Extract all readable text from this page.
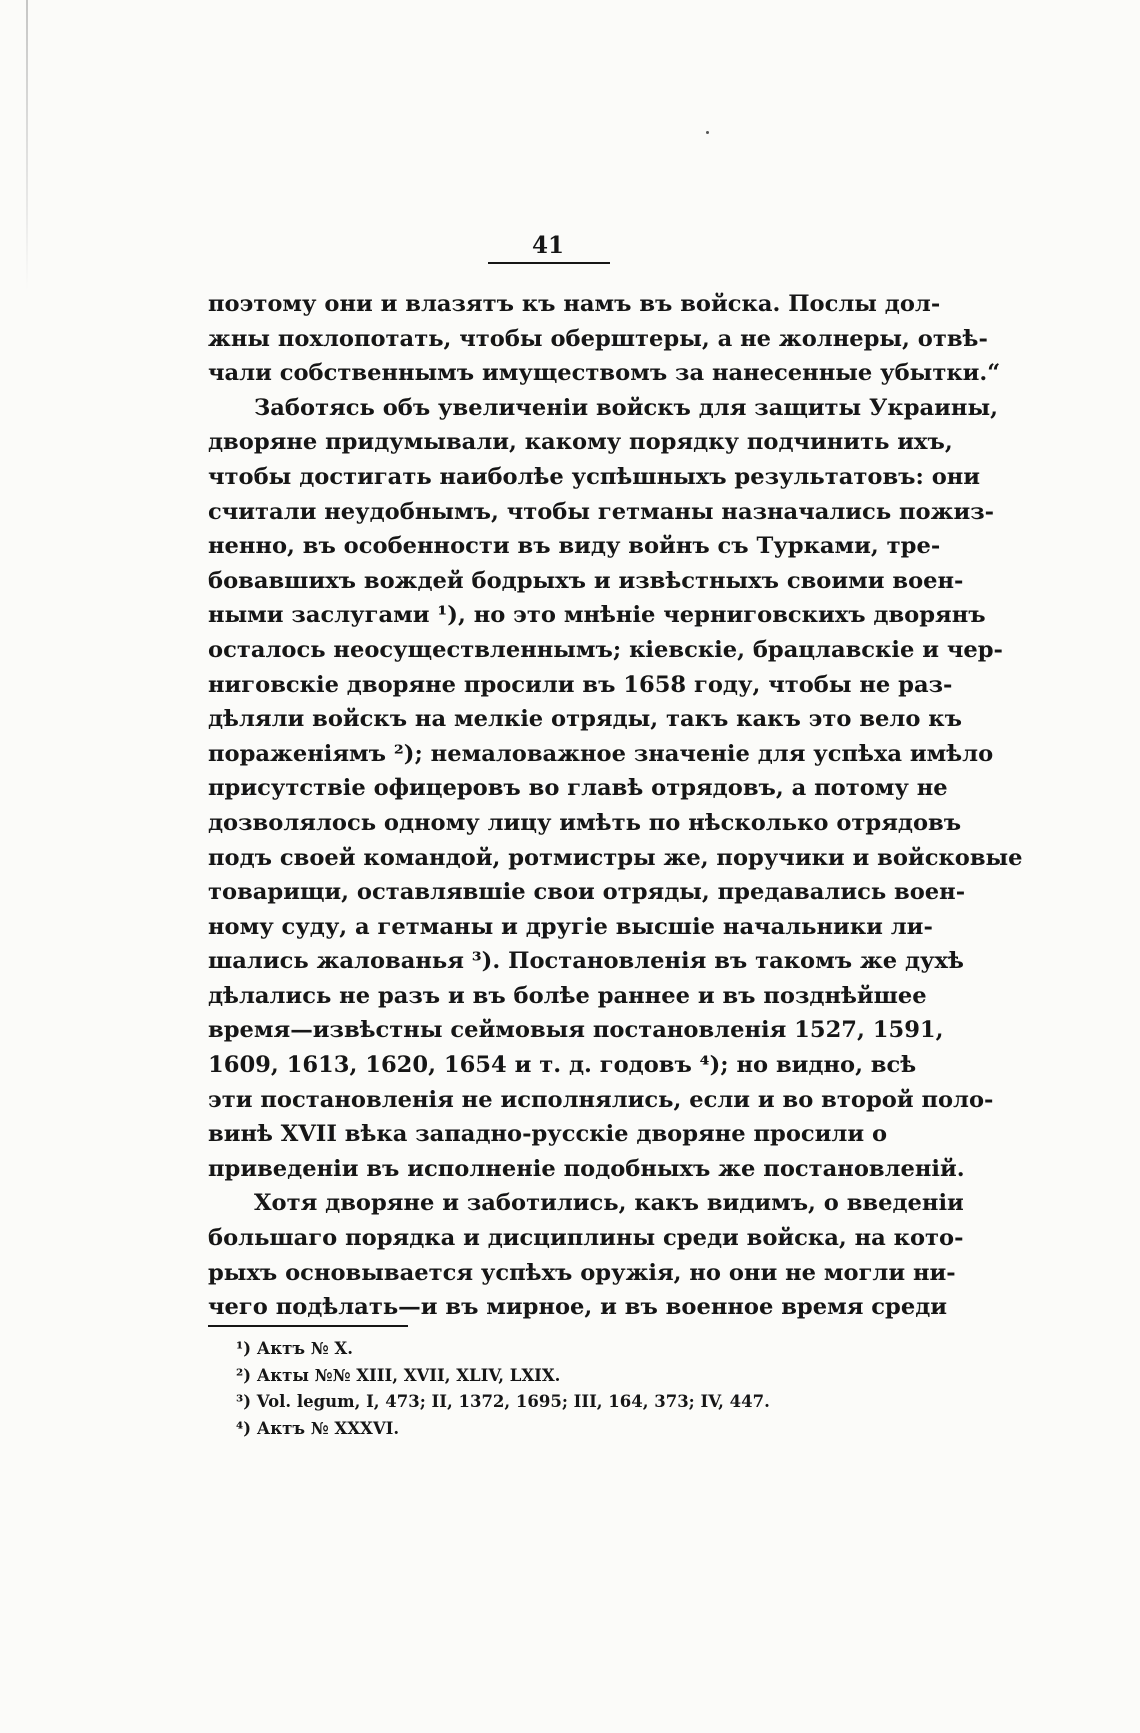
41
поэтому они и влазятъ къ намъ въ войска. Послы дол-
жны похлопотать, чтобы оберштеры, а не жолнеры, отвѣ-
чали собственнымъ имуществомъ за нанесенные убытки.“
Заботясь объ увеличеніи войскъ для защиты Украины,
дворяне придумывали, какому порядку подчинить ихъ,
чтобы достигать наиболѣе успѣшныхъ результатовъ: они
считали неудобнымъ, чтобы гетманы назначались пожиз-
ненно, въ особенности въ виду войнъ съ Турками, тре-
бовавшихъ вождей бодрыхъ и извѣстныхъ своими воен-
ными заслугами ¹), но это мнѣніе черниговскихъ дворянъ
осталось неосуществленнымъ; кіевскіе, брацлавскіе и чер-
ниговскіе дворяне просили въ 1658 году, чтобы не раз-
дѣляли войскъ на мелкіе отряды, такъ какъ это вело къ
пораженіямъ ²); немаловажное значеніе для успѣха имѣло
присутствіе офицеровъ во главѣ отрядовъ, а потому не
дозволялось одному лицу имѣть по нѣсколько отрядовъ
подъ своей командой, ротмистры же, поручики и войсковые
товарищи, оставлявшіе свои отряды, предавались воен-
ному суду, а гетманы и другіе высшіе начальники ли-
шались жалованья ³). Постановленія въ такомъ же духѣ
дѣлались не разъ и въ болѣе раннее и въ позднѣйшее
время—извѣстны сеймовыя постановленія 1527, 1591,
1609, 1613, 1620, 1654 и т. д. годовъ ⁴); но видно, всѣ
эти постановленія не исполнялись, если и во второй поло-
винѣ XVII вѣка западно-русскіе дворяне просили о
приведеніи въ исполненіе подобныхъ же постановленій.
Хотя дворяне и заботились, какъ видимъ, о введеніи
большаго порядка и дисциплины среди войска, на кото-
рыхъ основывается успѣхъ оружія, но они не могли ни-
чего подѣлать—и въ мирное, и въ военное время среди
¹) Актъ № X.
²) Акты №№ XIII, XVII, XLIV, LXIX.
³) Vol. legum, I, 473; II, 1372, 1695; III, 164, 373; IV, 447.
⁴) Актъ № XXXVI.
